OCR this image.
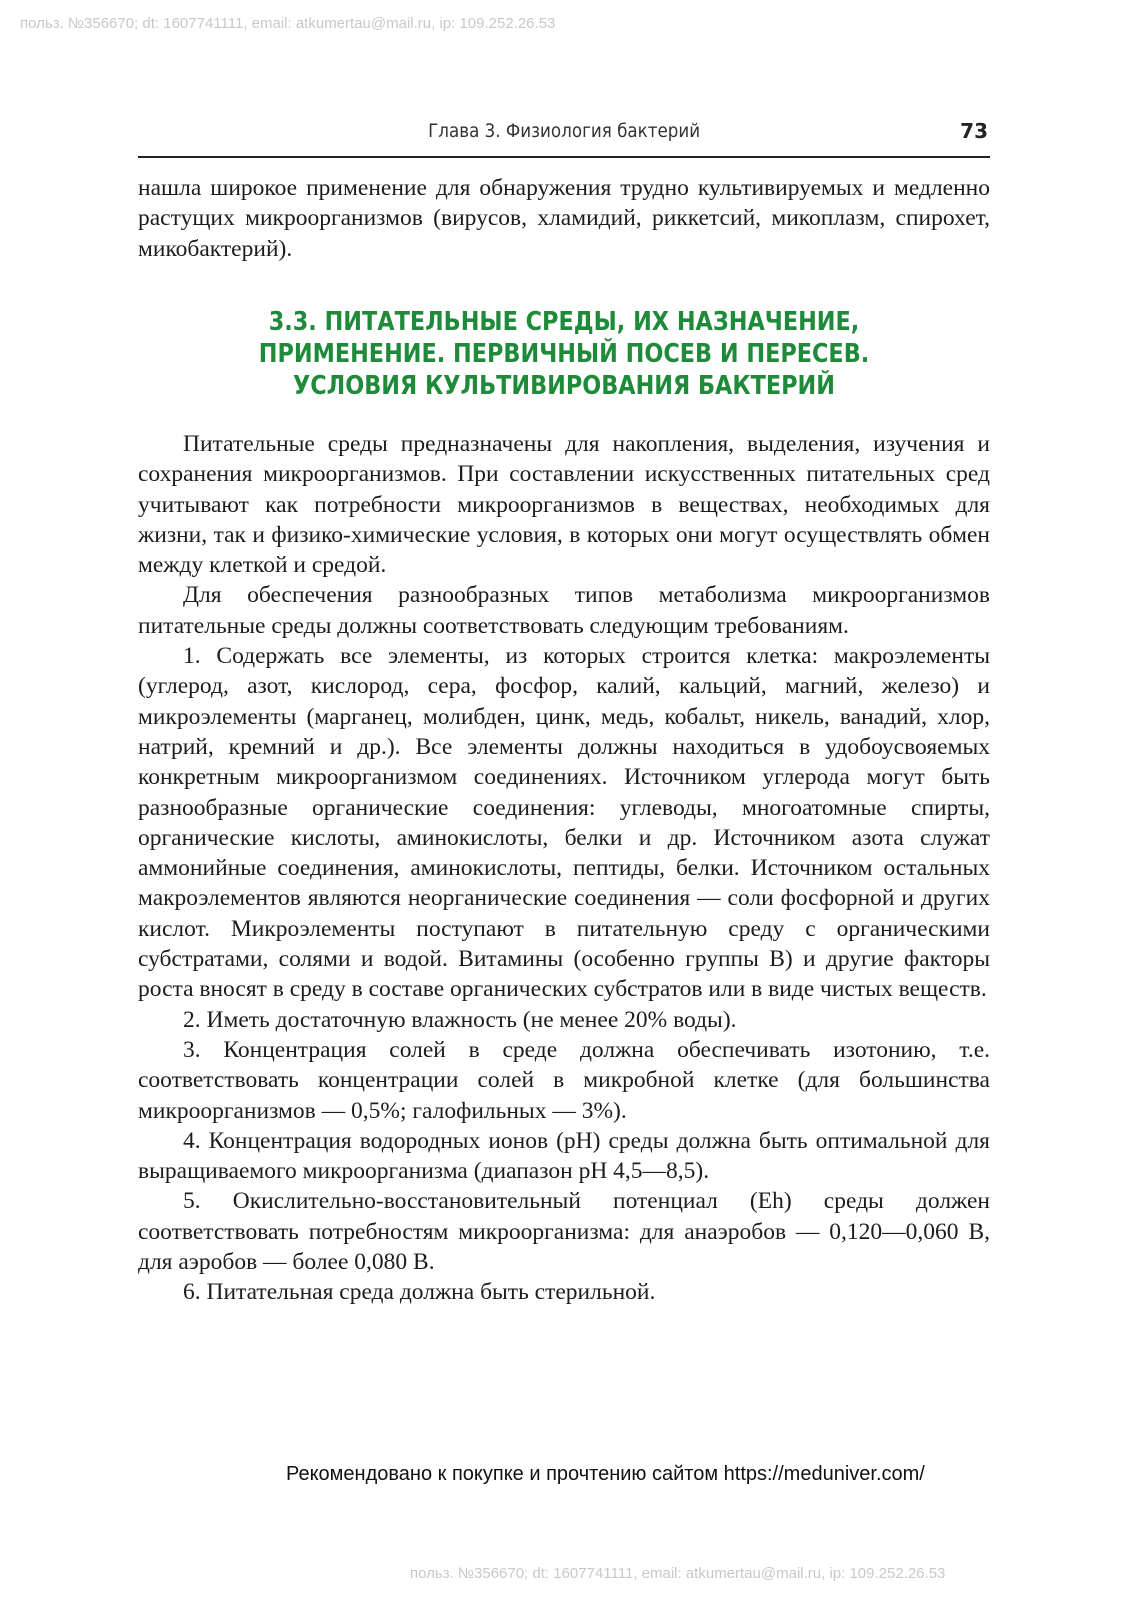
польз. №356670; dt: 1607741111, email: atkumertau@mail.ru, ip: 109.252.26.53
Глава 3. Физиология бактерий	73

нашла широкое применение для обнаружения трудно культивируемых и медленно растущих микроорганизмов (вирусов, хламидий, риккетсий, микоплазм, спирохет, микобактерий).

3.3. ПИТАТЕЛЬНЫЕ СРЕДЫ, ИХ НАЗНАЧЕНИЕ,
ПРИМЕНЕНИЕ. ПЕРВИЧНЫЙ ПОСЕВ И ПЕРЕСЕВ.
УСЛОВИЯ КУЛЬТИВИРОВАНИЯ БАКТЕРИЙ

Питательные среды предназначены для накопления, выделения, изучения и сохранения микроорганизмов. При составлении искусственных питательных сред учитывают как потребности микроорганизмов в веществах, необходимых для жизни, так и физико-химические условия, в которых они могут осуществлять обмен между клеткой и средой.

Для обеспечения разнообразных типов метаболизма микроорганизмов питательные среды должны соответствовать следующим требованиям.

1. Содержать все элементы, из которых строится клетка: макроэлементы (углерод, азот, кислород, сера, фосфор, калий, кальций, магний, железо) и микроэлементы (марганец, молибден, цинк, медь, кобальт, никель, ванадий, хлор, натрий, кремний и др.). Все элементы должны находиться в удобоусвояемых конкретным микроорганизмом соединениях. Источником углерода могут быть разнообразные органические соединения: углеводы, многоатомные спирты, органические кислоты, аминокислоты, белки и др. Источником азота служат аммонийные соединения, аминокислоты, пептиды, белки. Источником остальных макроэлементов являются неорганические соединения — соли фосфорной и других кислот. Микроэлементы поступают в питательную среду с органическими субстратами, солями и водой. Витамины (особенно группы В) и другие факторы роста вносят в среду в составе органических субстратов или в виде чистых веществ.

2. Иметь достаточную влажность (не менее 20% воды).

3. Концентрация солей в среде должна обеспечивать изотонию, т.е. соответствовать концентрации солей в микробной клетке (для большинства микроорганизмов — 0,5%; галофильных — 3%).

4. Концентрация водородных ионов (рН) среды должна быть оптимальной для выращиваемого микроорганизма (диапазон рН 4,5—8,5).

5. Окислительно-восстановительный потенциал (Eh) среды должен соответствовать потребностям микроорганизма: для анаэробов — 0,120—0,060 В, для аэробов — более 0,080 В.

6. Питательная среда должна быть стерильной.

Рекомендовано к покупке и прочтению сайтом https://meduniver.com/
польз. №356670; dt: 1607741111, email: atkumertau@mail.ru, ip: 109.252.26.53
